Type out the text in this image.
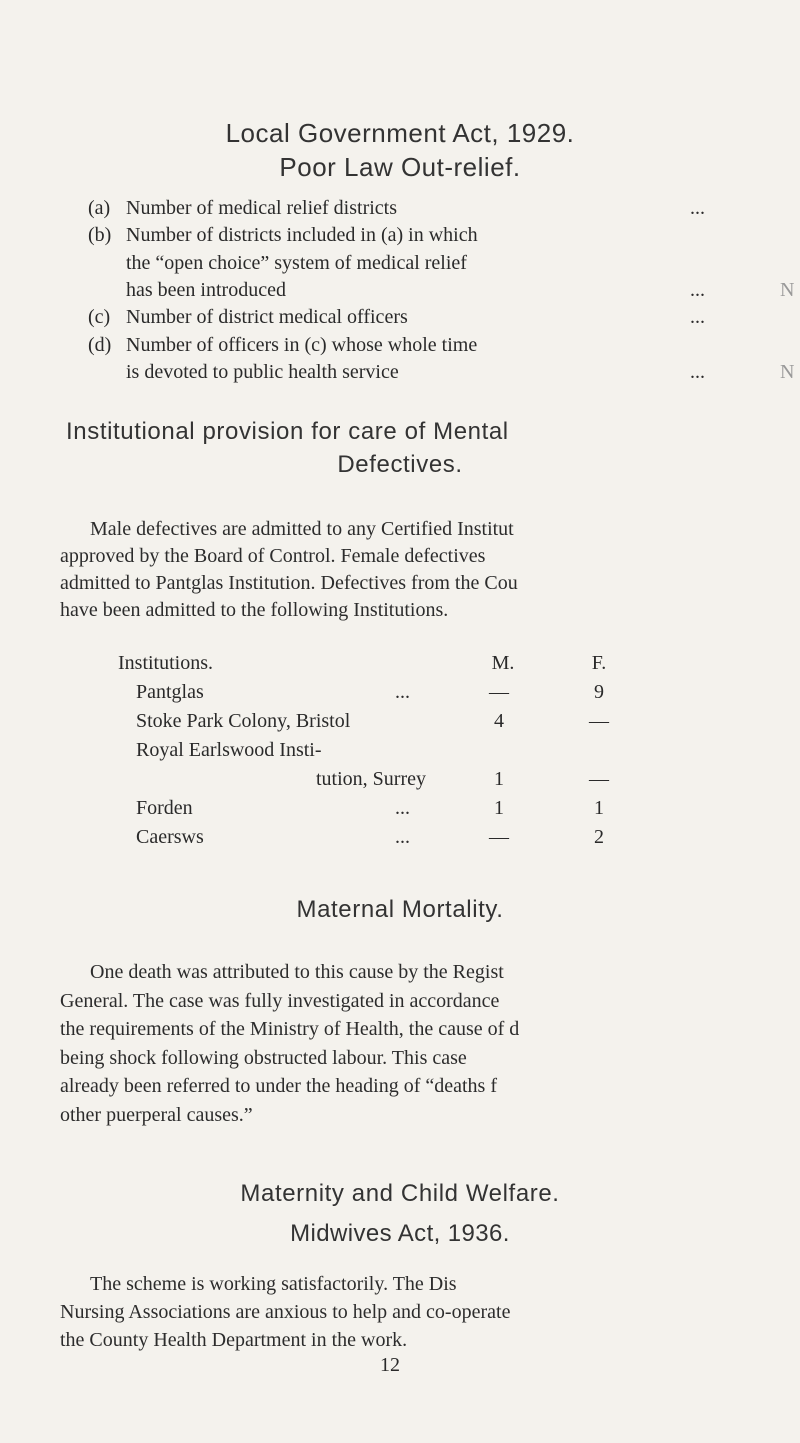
Local Government Act, 1929.
Poor Law Out-relief.
(a) Number of medical relief districts	...
(b) Number of districts included in (a) in which
the “open choice” system of medical relief
has been introduced	...	N
(c) Number of district medical officers	...
(d) Number of officers in (c) whose whole time
is devoted to public health service	...	N
Institutional provision for care of Mental
Defectives.
Male defectives are admitted to any Certified Institut
approved by the Board of Control. Female defectives
admitted to Pantglas Institution. Defectives from the Cou
have been admitted to the following Institutions.
Institutions.	M.	F.
Pantglas	...	—	9
Stoke Park Colony, Bristol	4	—
Royal Earlswood Insti-
tution, Surrey	1	—
Forden	...	1	1
Caersws	...	—	2
Maternal Mortality.
One death was attributed to this cause by the Regist
General. The case was fully investigated in accordance
the requirements of the Ministry of Health, the cause of d
being shock following obstructed labour. This case
already been referred to under the heading of “deaths f
other puerperal causes.”
Maternity and Child Welfare.
Midwives Act, 1936.
The scheme is working satisfactorily. The Dis
Nursing Associations are anxious to help and co-operate
the County Health Department in the work.
12
